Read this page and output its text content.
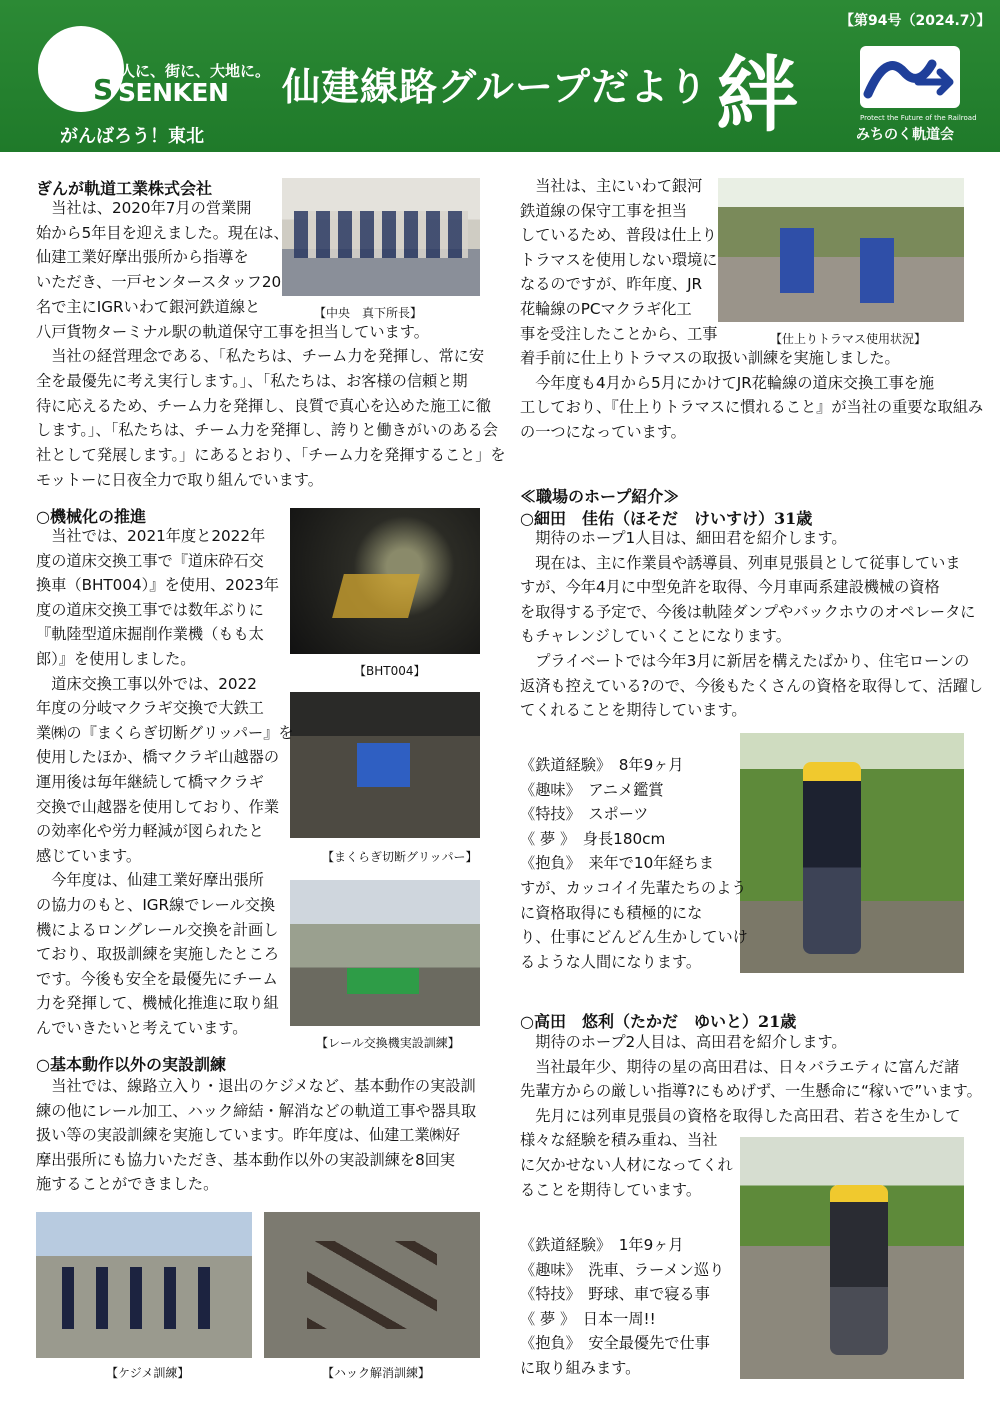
S
人に、街に、大地に。
SENKEN
がんばろう！東北
仙建線路グループだより 絆
【第94号（2024.7）】
Protect the Future of the Railroad
みちのく軌道会
ぎんが軌道工業株式会社
【中央　真下所長】
　当社は、2020年7月の営業開
始から5年目を迎えました。現在は、
仙建工業好摩出張所から指導を
いただき、一戸センタースタッフ20
名で主にIGRいわて銀河鉄道線と
八戸貨物ターミナル駅の軌道保守工事を担当しています。
　当社の経営理念である、「私たちは、チーム力を発揮し、常に安
全を最優先に考え実行します。」、「私たちは、お客様の信頼と期
待に応えるため、チーム力を発揮し、良質で真心を込めた施工に徹
します。」、「私たちは、チーム力を発揮し、誇りと働きがいのある会
社として発展します。」にあるとおり、「チーム力を発揮すること」を
モットーに日夜全力で取り組んでいます。
○機械化の推進
【BHT004】
【まくらぎ切断グリッパー】
【レール交換機実設訓練】
　当社では、2021年度と2022年
度の道床交換工事で『道床砕石交
換車（BHT004）』を使用、2023年
度の道床交換工事では数年ぶりに
『軌陸型道床掘削作業機（もも太
郎）』を使用しました。
　道床交換工事以外では、2022
年度の分岐マクラギ交換で大鉄工
業㈱の『まくらぎ切断グリッパー』を
使用したほか、橋マクラギ山越器の
運用後は毎年継続して橋マクラギ
交換で山越器を使用しており、作業
の効率化や労力軽減が図られたと
感じています。
　今年度は、仙建工業好摩出張所
の協力のもと、IGR線でレール交換
機によるロングレール交換を計画し
ており、取扱訓練を実施したところ
です。今後も安全を最優先にチーム
力を発揮して、機械化推進に取り組
んでいきたいと考えています。
○基本動作以外の実設訓練
　当社では、線路立入り・退出のケジメなど、基本動作の実設訓
練の他にレール加工、ハック締結・解消などの軌道工事や器具取
扱い等の実設訓練を実施しています。昨年度は、仙建工業㈱好
摩出張所にも協力いただき、基本動作以外の実設訓練を8回実
施することができました。
【ケジメ訓練】	【ハック解消訓練】
【仕上りトラマス使用状況】
　当社は、主にいわて銀河
鉄道線の保守工事を担当
しているため、普段は仕上り
トラマスを使用しない環境に
なるのですが、昨年度、JR
花輪線のPCマクラギ化工
事を受注したことから、工事
着手前に仕上りトラマスの取扱い訓練を実施しました。
　今年度も4月から5月にかけてJR花輪線の道床交換工事を施
工しており、『仕上りトラマスに慣れること』が当社の重要な取組み
の一つになっています。
≪職場のホープ紹介≫
○細田　佳佑（ほそだ　けいすけ）31歳
　期待のホープ1人目は、細田君を紹介します。
　現在は、主に作業員や誘導員、列車見張員として従事していま
すが、今年4月に中型免許を取得、今月車両系建設機械の資格
を取得する予定で、今後は軌陸ダンプやバックホウのオペレータに
もチャレンジしていくことになります。
　プライベートでは今年3月に新居を構えたばかり、住宅ローンの
返済も控えている?ので、今後もたくさんの資格を取得して、活躍し
てくれることを期待しています。
《鉄道経験》　8年9ヶ月
《趣味》　アニメ鑑賞
《特技》　スポーツ
《 夢 》　身長180cm
《抱負》　来年で10年経ちま
すが、カッコイイ先輩たちのよう
に資格取得にも積極的にな
り、仕事にどんどん生かしていけ
るような人間になります。
○高田　悠利（たかだ　ゆいと）21歳
　期待のホープ2人目は、高田君を紹介します。
　当社最年少、期待の星の高田君は、日々バラエティに富んだ諸
先輩方からの厳しい指導?にもめげず、一生懸命に“稼いで”います。
　先月には列車見張員の資格を取得した高田君、若さを生かして
様々な経験を積み重ね、当社
に欠かせない人材になってくれ
ることを期待しています。
《鉄道経験》　1年9ヶ月
《趣味》　洗車、ラーメン巡り
《特技》　野球、車で寝る事
《 夢 》　日本一周!!
《抱負》　安全最優先で仕事
に取り組みます。
